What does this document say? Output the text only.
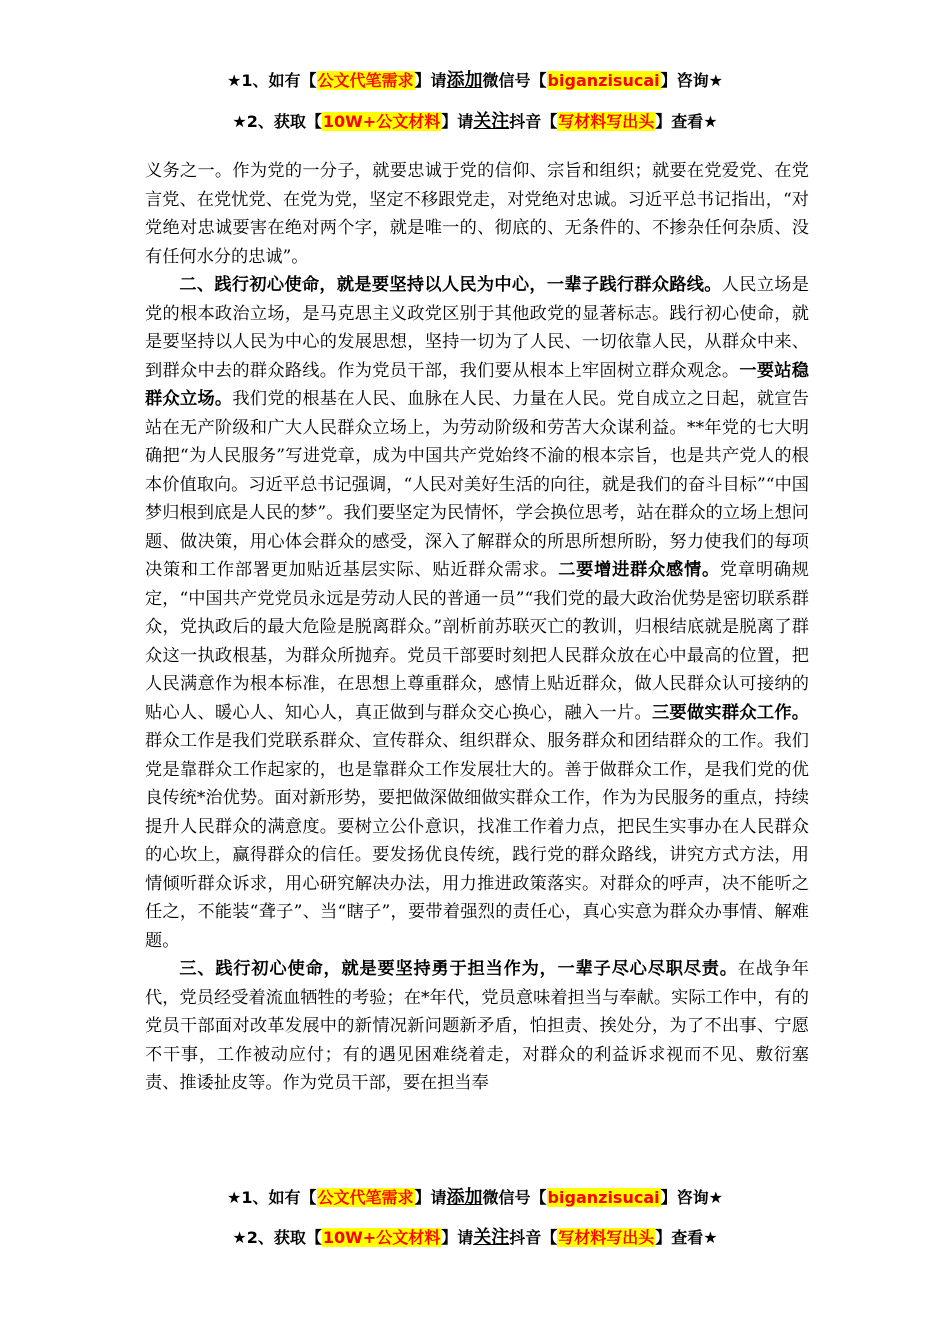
★1、如有【公文代笔需求】请添加微信号【biganzisucai】咨询★
★2、获取【10W+公文材料】请关注抖音【写材料写出头】查看★

义务之一。作为党的一分子，就要忠诚于党的信仰、宗旨和组织；就要在党爱党、在党言党、在党忧党、在党为党，坚定不移跟党走，对党绝对忠诚。习近平总书记指出，“对党绝对忠诚要害在绝对两个字，就是唯一的、彻底的、无条件的、不掺杂任何杂质、没有任何水分的忠诚”。

二、践行初心使命，就是要坚持以人民为中心，一辈子践行群众路线。人民立场是党的根本政治立场，是马克思主义政党区别于其他政党的显著标志。践行初心使命，就是要坚持以人民为中心的发展思想，坚持一切为了人民、一切依靠人民，从群众中来、到群众中去的群众路线。作为党员干部，我们要从根本上牢固树立群众观念。一要站稳群众立场。我们党的根基在人民、血脉在人民、力量在人民。党自成立之日起，就宣告站在无产阶级和广大人民群众立场上，为劳动阶级和劳苦大众谋利益。**年党的七大明确把“为人民服务”写进党章，成为中国共产党始终不渝的根本宗旨，也是共产党人的根本价值取向。习近平总书记强调，“人民对美好生活的向往，就是我们的奋斗目标”“中国梦归根到底是人民的梦”。我们要坚定为民情怀，学会换位思考，站在群众的立场上想问题、做决策，用心体会群众的感受，深入了解群众的所思所想所盼，努力使我们的每项决策和工作部署更加贴近基层实际、贴近群众需求。二要增进群众感情。党章明确规定，“中国共产党党员永远是劳动人民的普通一员”“我们党的最大政治优势是密切联系群众，党执政后的最大危险是脱离群众。”剖析前苏联灭亡的教训，归根结底就是脱离了群众这一执政根基，为群众所抛弃。党员干部要时刻把人民群众放在心中最高的位置，把人民满意作为根本标准，在思想上尊重群众，感情上贴近群众，做人民群众认可接纳的贴心人、暖心人、知心人，真正做到与群众交心换心，融入一片。三要做实群众工作。群众工作是我们党联系群众、宣传群众、组织群众、服务群众和团结群众的工作。我们党是靠群众工作起家的，也是靠群众工作发展壮大的。善于做群众工作，是我们党的优良传统*治优势。面对新形势，要把做深做细做实群众工作，作为为民服务的重点，持续提升人民群众的满意度。要树立公仆意识，找准工作着力点，把民生实事办在人民群众的心坎上，赢得群众的信任。要发扬优良传统，践行党的群众路线，讲究方式方法，用情倾听群众诉求，用心研究解决办法，用力推进政策落实。对群众的呼声，决不能听之任之，不能装“聋子”、当“瞎子”，要带着强烈的责任心，真心实意为群众办事情、解难题。

三、践行初心使命，就是要坚持勇于担当作为，一辈子尽心尽职尽责。在战争年代，党员经受着流血牺牲的考验；在*年代，党员意味着担当与奉献。实际工作中，有的党员干部面对改革发展中的新情况新问题新矛盾，怕担责、挨处分，为了不出事、宁愿不干事，工作被动应付；有的遇见困难绕着走，对群众的利益诉求视而不见、敷衍塞责、推诿扯皮等。作为党员干部，要在担当奉

★1、如有【公文代笔需求】请添加微信号【biganzisucai】咨询★
★2、获取【10W+公文材料】请关注抖音【写材料写出头】查看★
